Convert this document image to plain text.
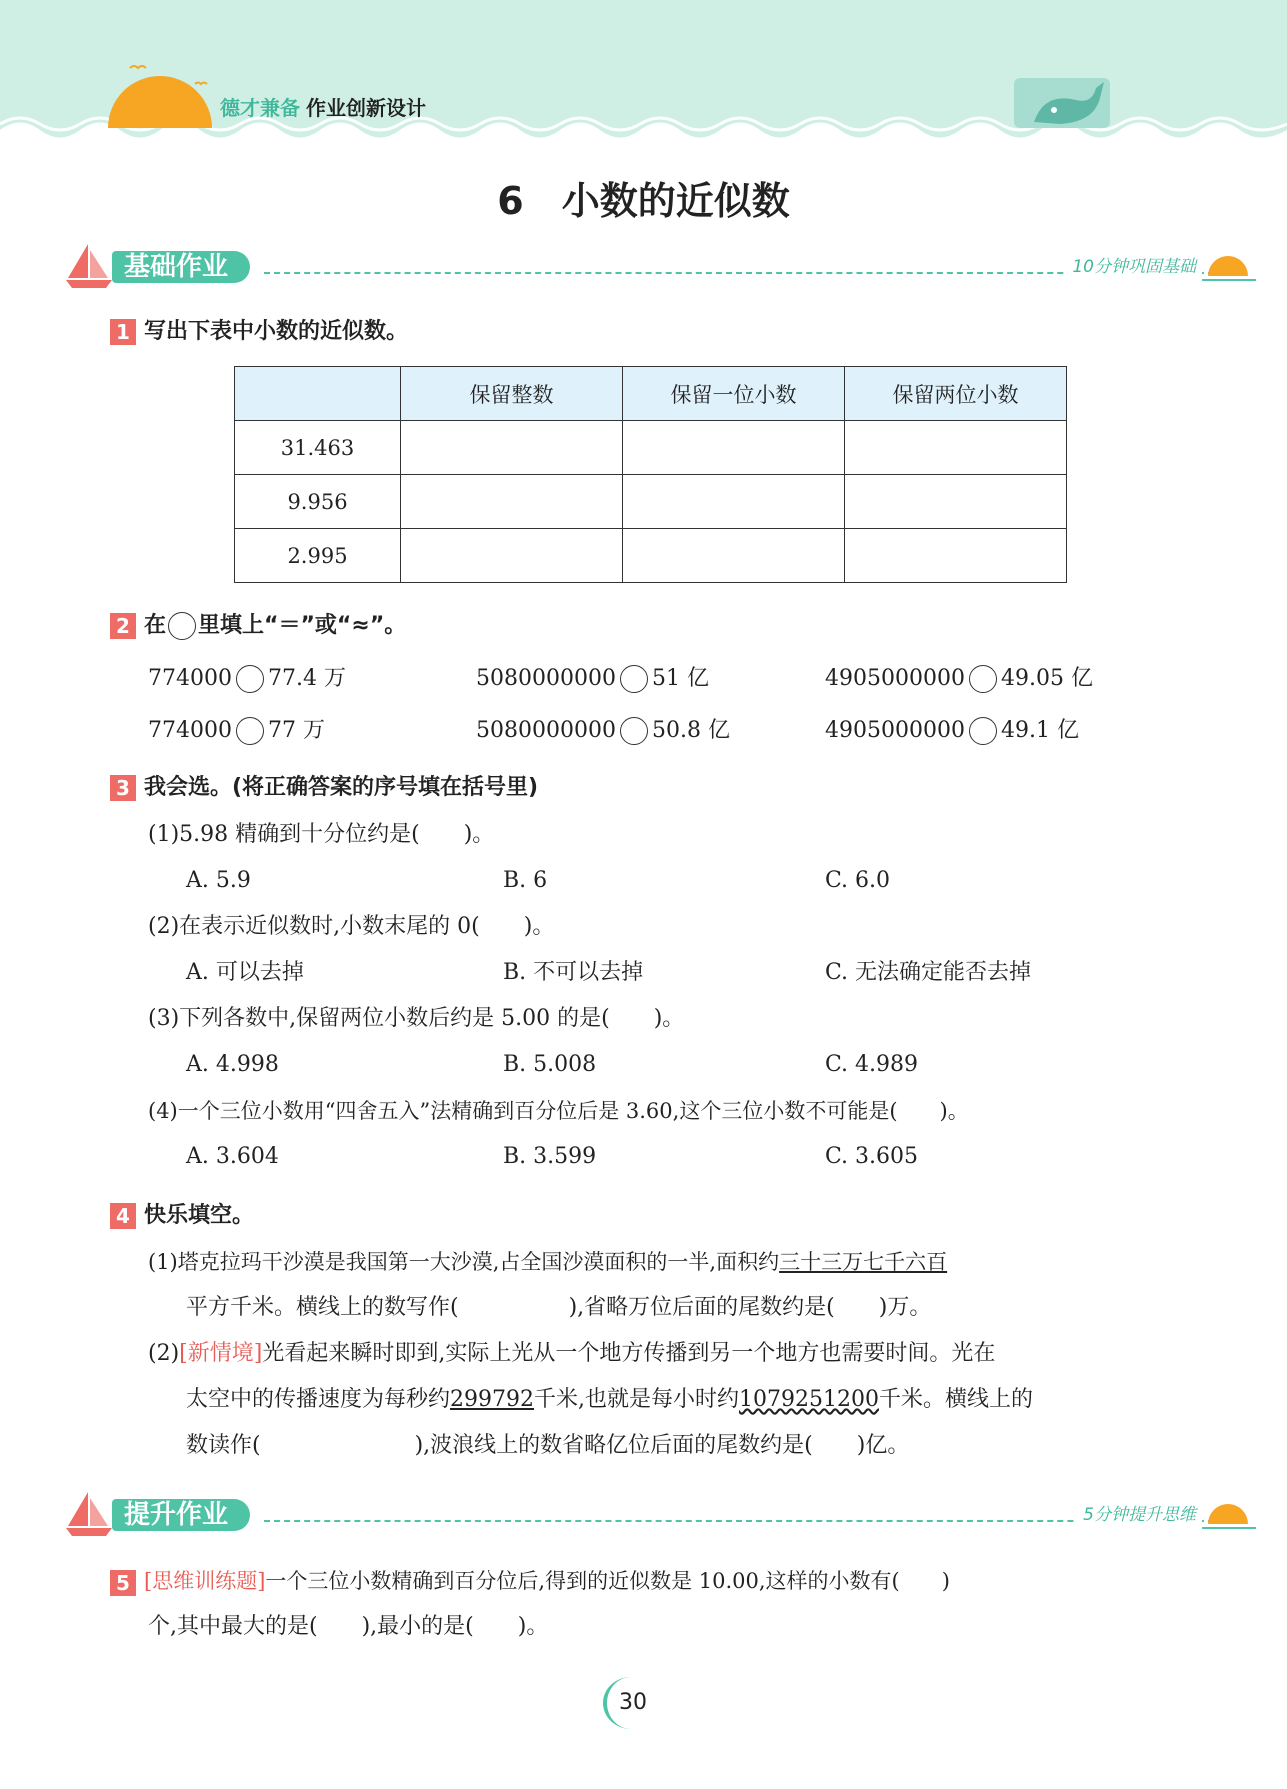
德才兼备 作业创新设计
6　小数的近似数
基础作业	10分钟巩固基础
1 写出下表中小数的近似数。
	保留整数	保留一位小数	保留两位小数
31.463			
9.956			
2.995			
2 在 里填上“＝”或“≈”。
774000 77.4 万	5080000000 51 亿	4905000000 49.05 亿
774000 77 万	5080000000 50.8 亿	4905000000 49.1 亿
3 我会选。(将正确答案的序号填在括号里)
(1)5.98 精确到十分位约是(　　)。
A. 5.9	B. 6	C. 6.0
(2)在表示近似数时,小数末尾的 0(　　)。
A. 可以去掉	B. 不可以去掉	C. 无法确定能否去掉
(3)下列各数中,保留两位小数后约是 5.00 的是(　　)。
A. 4.998	B. 5.008	C. 4.989
(4)一个三位小数用“四舍五入”法精确到百分位后是 3.60,这个三位小数不可能是(　　)。
A. 3.604	B. 3.599	C. 3.605
4 快乐填空。
(1)塔克拉玛干沙漠是我国第一大沙漠,占全国沙漠面积的一半,面积约三十三万七千六百
平方千米。横线上的数写作(　　　　　),省略万位后面的尾数约是(　　)万。
(2)[新情境]光看起来瞬时即到,实际上光从一个地方传播到另一个地方也需要时间。光在
太空中的传播速度为每秒约299792千米,也就是每小时约1079251200千米。横线上的
数读作(　　　　　　　),波浪线上的数省略亿位后面的尾数约是(　　)亿。
提升作业	5分钟提升思维
5 [思维训练题]一个三位小数精确到百分位后,得到的近似数是 10.00,这样的小数有(　　)
个,其中最大的是(　　),最小的是(　　)。
30
